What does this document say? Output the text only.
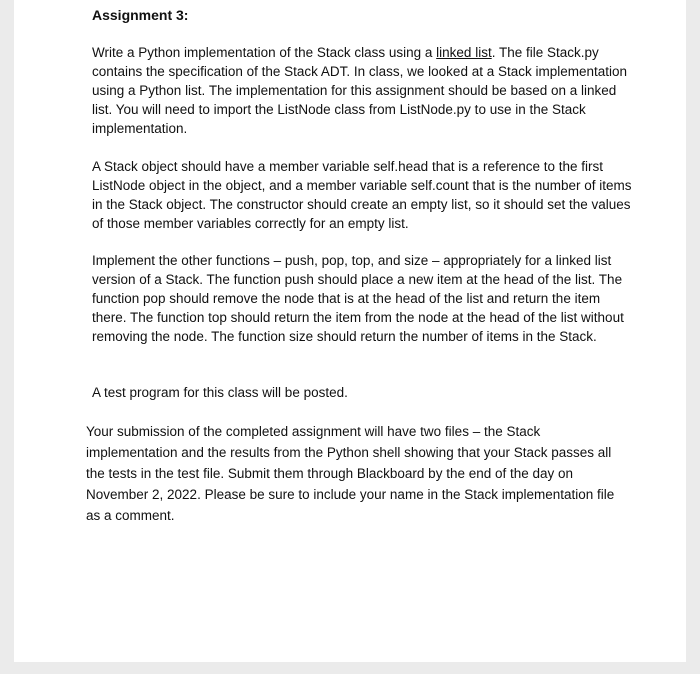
Assignment 3:

Write a Python implementation of the Stack class using a linked list. The file Stack.py contains the specification of the Stack ADT. In class, we looked at a Stack implementation using a Python list. The implementation for this assignment should be based on a linked list. You will need to import the ListNode class from ListNode.py to use in the Stack implementation.

A Stack object should have a member variable self.head that is a reference to the first ListNode object in the object, and a member variable self.count that is the number of items in the Stack object. The constructor should create an empty list, so it should set the values of those member variables correctly for an empty list.

Implement the other functions – push, pop, top, and size – appropriately for a linked list version of a Stack. The function push should place a new item at the head of the list. The function pop should remove the node that is at the head of the list and return the item there. The function top should return the item from the node at the head of the list without removing the node. The function size should return the number of items in the Stack.

A test program for this class will be posted.

Your submission of the completed assignment will have two files – the Stack implementation and the results from the Python shell showing that your Stack passes all the tests in the test file. Submit them through Blackboard by the end of the day on November 2, 2022. Please be sure to include your name in the Stack implementation file as a comment.
